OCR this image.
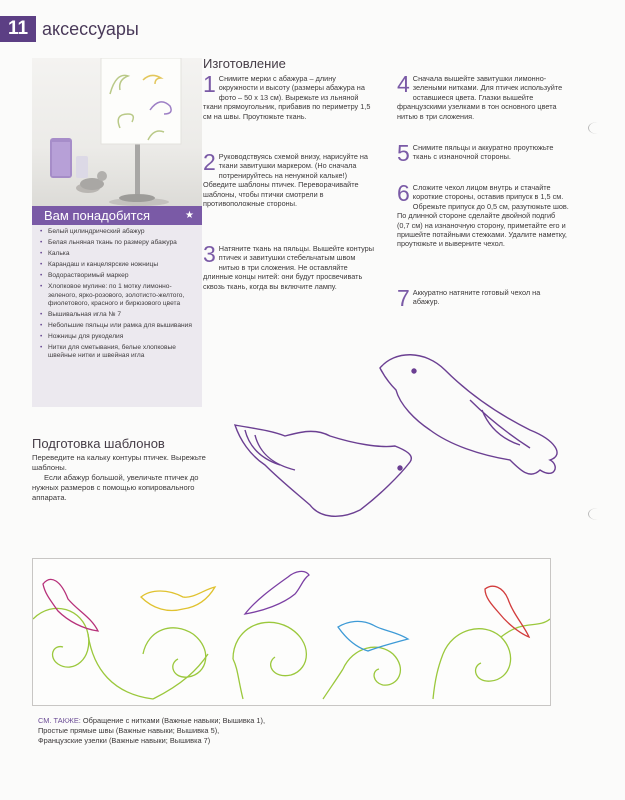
11 аксессуары
Вам понадобится	★
• Белый цилиндрический абажур
• Белая льняная ткань по размеру абажура
• Калька
• Карандаш и канцелярские ножницы
• Водорастворимый маркер
• Хлопковое мулине: по 1 мотку лимонно-зеленого, ярко-розового, золотисто-желтого, фиолетового, красного и бирюзового цвета
• Вышивальная игла № 7
• Небольшие пяльцы или рамка для вышивания
• Ножницы для рукоделия
• Нитки для сметывания, белые хлопковые швейные нитки и швейная игла
Изготовление
1 Снимите мерки с абажура – длину окружности и высоту (размеры абажура на фото – 50 х 13 см). Вырежьте из льняной ткани прямоугольник, прибавив по периметру 1,5 см на швы. Проутюжьте ткань.
2 Руководствуясь схемой внизу, нарисуйте на ткани завитушки маркером. (Но сначала потренируйтесь на ненужной кальке!) Обведите шаблоны птичек. Переворачивайте шаблоны, чтобы птички смотрели в противоположные стороны.
3 Натяните ткань на пяльцы. Вышейте контуры птичек и завитушки стебельчатым швом нитью в три сложения. Не оставляйте длинные концы нитей: они будут просвечивать сквозь ткань, когда вы включите лампу.
4 Сначала вышейте завитушки лимонно-зелеными нитками. Для птичек используйте оставшиеся цвета. Глазки вышейте французскими узелками в тон основного цвета нитью в три сложения.
5 Снимите пяльцы и аккуратно проутюжьте ткань с изнаночной стороны.
6 Сложите чехол лицом внутрь и стачайте короткие стороны, оставив припуск в 1,5 см. Обрежьте припуск до 0,5 см, разутюжьте шов. По длинной стороне сделайте двойной подгиб (0,7 см) на изнаночную сторону, приметайте его и пришейте потайными стежками. Удалите наметку, проутюжьте и выверните чехол.
7 Аккуратно натяните готовый чехол на абажур.
Подготовка шаблонов

Переведите на кальку контуры птичек. Вырежьте шаблоны.

Если абажур большой, увеличьте птичек до нужных размеров с помощью копировального аппарата.

СМ. ТАКЖЕ: Обращение с нитками (Важные навыки; Вышивка 1),
Простые прямые швы (Важные навыки; Вышивка 5),
Французские узелки (Важные навыки; Вышивка 7)
